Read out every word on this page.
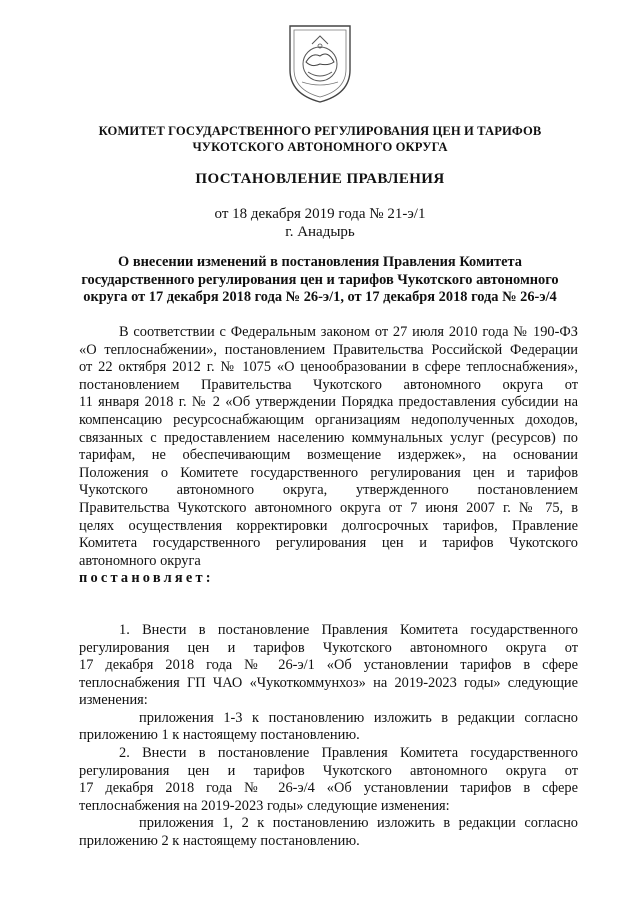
КОМИТЕТ ГОСУДАРСТВЕННОГО РЕГУЛИРОВАНИЯ ЦЕН И ТАРИФОВ
ЧУКОТСКОГО АВТОНОМНОГО ОКРУГА
ПОСТАНОВЛЕНИЕ ПРАВЛЕНИЯ
от 18 декабря 2019 года № 21-э/1
г. Анадырь
О внесении изменений в постановления Правления Комитета
государственного регулирования цен и тарифов Чукотского автономного
округа от 17 декабря 2018 года № 26-э/1, от 17 декабря 2018 года № 26-э/4
В соответствии с Федеральным законом от 27 июля 2010 года № 190-ФЗ
«О теплоснабжении», постановлением Правительства Российской Федерации
от 22 октября 2012 г. № 1075 «О ценообразовании в сфере теплоснабжения»,
постановлением Правительства Чукотского автономного округа от
11 января 2018 г. № 2 «Об утверждении Порядка предоставления субсидии на
компенсацию ресурсоснабжающим организациям недополученных доходов,
связанных с предоставлением населению коммунальных услуг (ресурсов) по
тарифам, не обеспечивающим возмещение издержек», на основании
Положения о Комитете государственного регулирования цен и тарифов
Чукотского автономного округа, утвержденного постановлением
Правительства Чукотского автономного округа от 7 июня 2007 г. № 75, в
целях осуществления корректировки долгосрочных тарифов, Правление
Комитета государственного регулирования цен и тарифов Чукотского
автономного округа
постановляет:
1. Внести в постановление Правления Комитета государственного
регулирования цен и тарифов Чукотского автономного округа от
17 декабря 2018 года № 26-э/1 «Об установлении тарифов в сфере
теплоснабжения ГП ЧАО «Чукоткоммунхоз» на 2019-2023 годы» следующие
изменения:
приложения 1-3 к постановлению изложить в редакции согласно
приложению 1 к настоящему постановлению.
2. Внести в постановление Правления Комитета государственного
регулирования цен и тарифов Чукотского автономного округа от
17 декабря 2018 года № 26-э/4 «Об установлении тарифов в сфере
теплоснабжения на 2019-2023 годы» следующие изменения:
приложения 1, 2 к постановлению изложить в редакции согласно
приложению 2 к настоящему постановлению.
